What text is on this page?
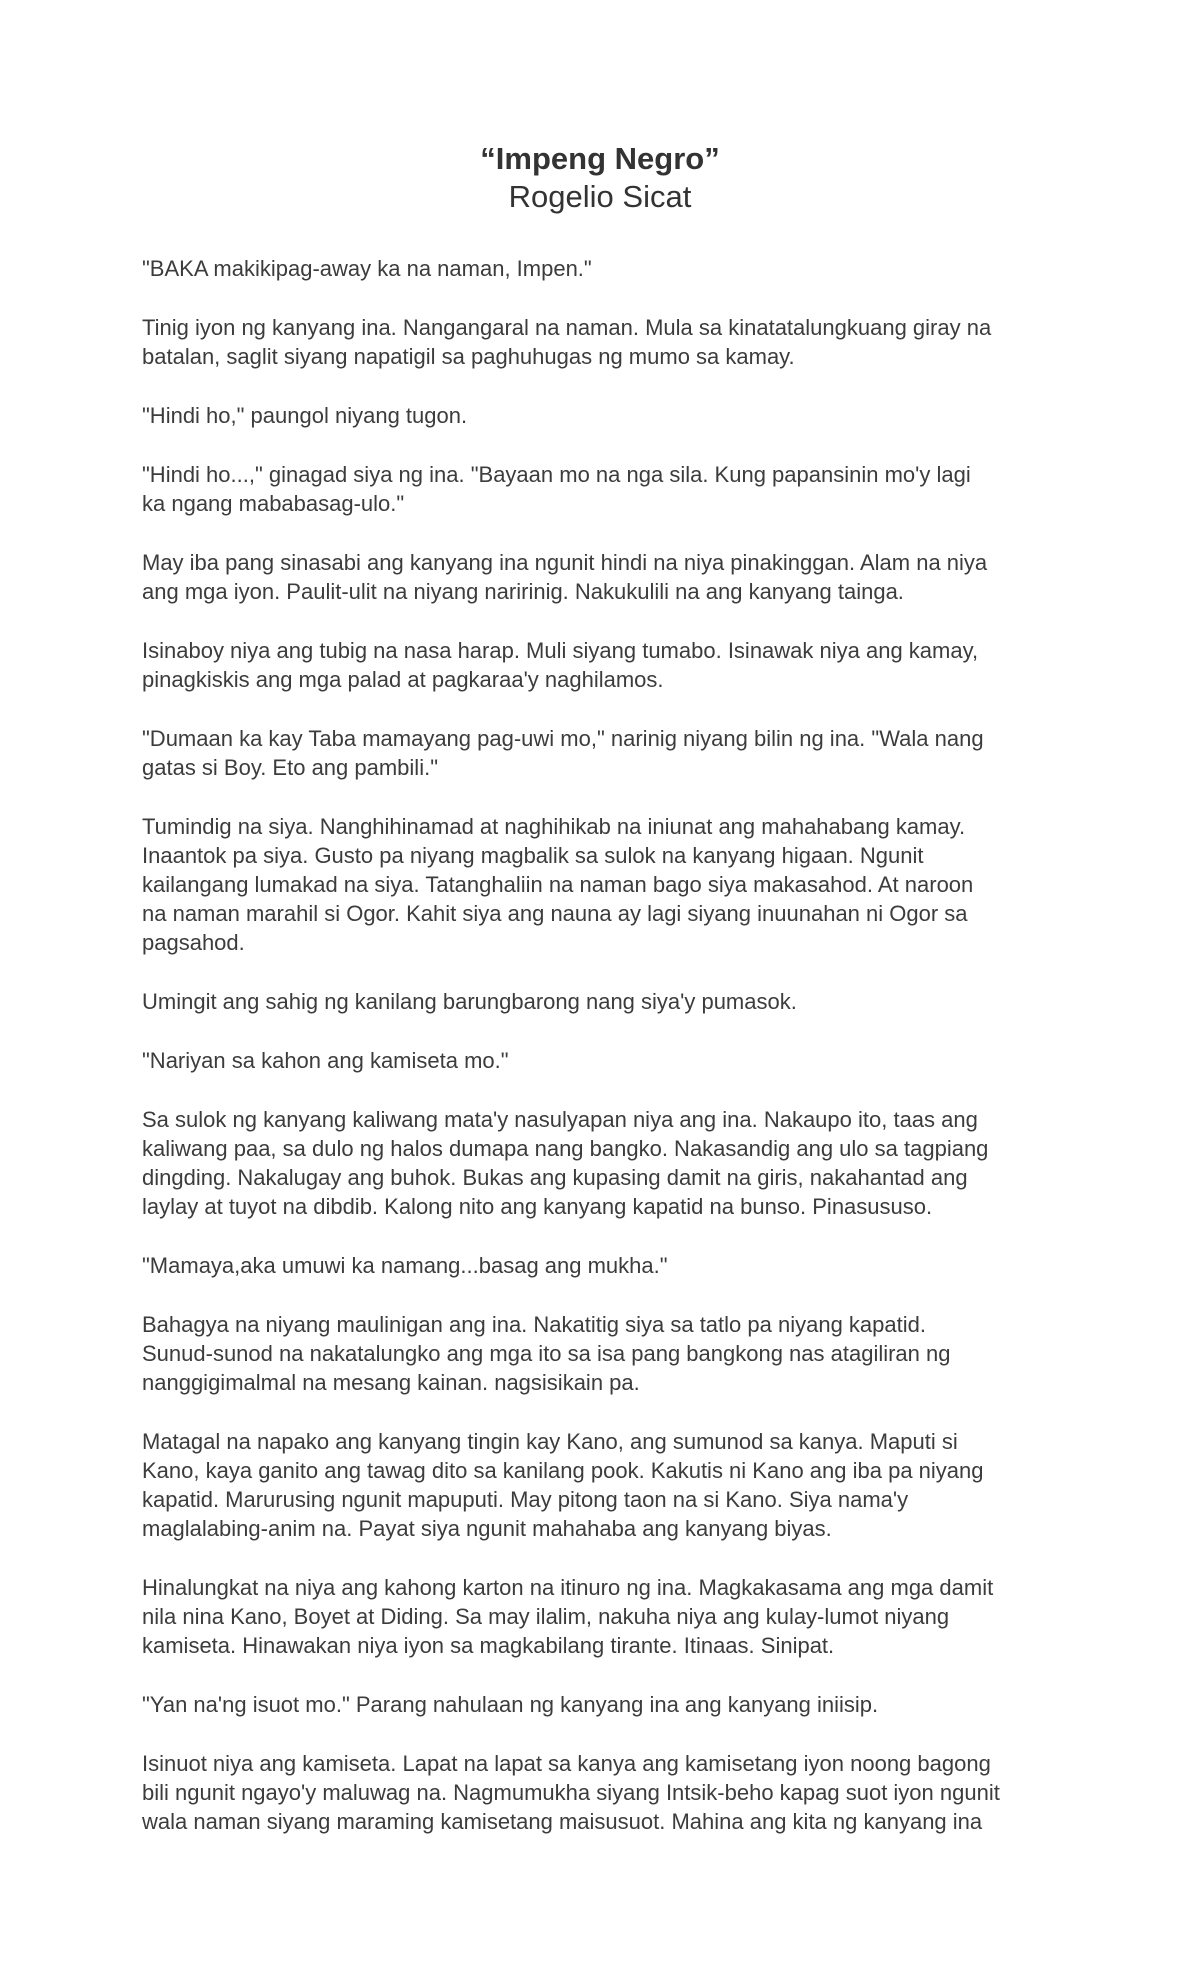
“Impeng Negro”
Rogelio Sicat

"BAKA makikipag-away ka na naman, Impen."

Tinig iyon ng kanyang ina. Nangangaral na naman. Mula sa kinatatalungkuang giray na
batalan, saglit siyang napatigil sa paghuhugas ng mumo sa kamay.

"Hindi ho," paungol niyang tugon.

"Hindi ho...," ginagad siya ng ina. "Bayaan mo na nga sila. Kung papansinin mo'y lagi
ka ngang mababasag-ulo."

May iba pang sinasabi ang kanyang ina ngunit hindi na niya pinakinggan. Alam na niya
ang mga iyon. Paulit-ulit na niyang naririnig. Nakukulili na ang kanyang tainga.

Isinaboy niya ang tubig na nasa harap. Muli siyang tumabo. Isinawak niya ang kamay,
pinagkiskis ang mga palad at pagkaraa'y naghilamos.

"Dumaan ka kay Taba mamayang pag-uwi mo," narinig niyang bilin ng ina. "Wala nang
gatas si Boy. Eto ang pambili."

Tumindig na siya. Nanghihinamad at naghihikab na iniunat ang mahahabang kamay.
Inaantok pa siya. Gusto pa niyang magbalik sa sulok na kanyang higaan. Ngunit
kailangang lumakad na siya. Tatanghaliin na naman bago siya makasahod. At naroon
na naman marahil si Ogor. Kahit siya ang nauna ay lagi siyang inuunahan ni Ogor sa
pagsahod.

Umingit ang sahig ng kanilang barungbarong nang siya'y pumasok.

"Nariyan sa kahon ang kamiseta mo."

Sa sulok ng kanyang kaliwang mata'y nasulyapan niya ang ina. Nakaupo ito, taas ang
kaliwang paa, sa dulo ng halos dumapa nang bangko. Nakasandig ang ulo sa tagpiang
dingding. Nakalugay ang buhok. Bukas ang kupasing damit na giris, nakahantad ang
laylay at tuyot na dibdib. Kalong nito ang kanyang kapatid na bunso. Pinasususo.

"Mamaya,aka umuwi ka namang...basag ang mukha."

Bahagya na niyang maulinigan ang ina. Nakatitig siya sa tatlo pa niyang kapatid.
Sunud-sunod na nakatalungko ang mga ito sa isa pang bangkong nas atagiliran ng
nanggigimalmal na mesang kainan. nagsisikain pa.

Matagal na napako ang kanyang tingin kay Kano, ang sumunod sa kanya. Maputi si
Kano, kaya ganito ang tawag dito sa kanilang pook. Kakutis ni Kano ang iba pa niyang
kapatid. Marurusing ngunit mapuputi. May pitong taon na si Kano. Siya nama'y
maglalabing-anim na. Payat siya ngunit mahahaba ang kanyang biyas.

Hinalungkat na niya ang kahong karton na itinuro ng ina. Magkakasama ang mga damit
nila nina Kano, Boyet at Diding. Sa may ilalim, nakuha niya ang kulay-lumot niyang
kamiseta. Hinawakan niya iyon sa magkabilang tirante. Itinaas. Sinipat.

"Yan na'ng isuot mo." Parang nahulaan ng kanyang ina ang kanyang iniisip.

Isinuot niya ang kamiseta. Lapat na lapat sa kanya ang kamisetang iyon noong bagong
bili ngunit ngayo'y maluwag na. Nagmumukha siyang Intsik-beho kapag suot iyon ngunit
wala naman siyang maraming kamisetang maisusuot. Mahina ang kita ng kanyang ina
